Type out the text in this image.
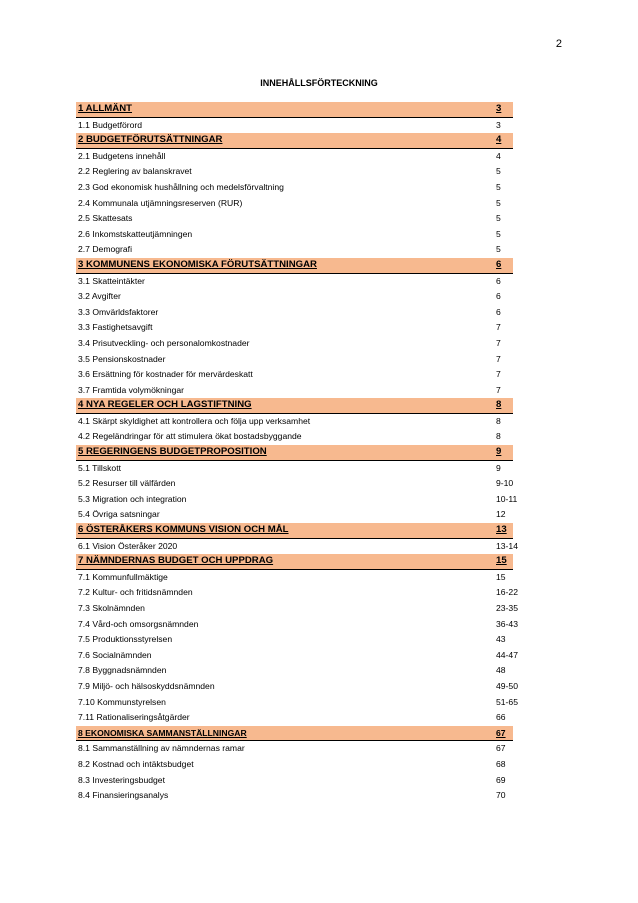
2
INNEHÅLLSFÖRTECKNING
1 ALLMÄNT	3
1.1 Budgetförord	3
2 BUDGETFÖRUTSÄTTNINGAR	4
2.1 Budgetens innehåll	4
2.2 Reglering av balanskravet	5
2.3 God ekonomisk hushållning och medelsförvaltning	5
2.4 Kommunala utjämningsreserven (RUR)	5
2.5 Skattesats	5
2.6 Inkomstskatteutjämningen	5
2.7 Demografi	5
3 KOMMUNENS EKONOMISKA FÖRUTSÄTTNINGAR	6
3.1 Skatteintäkter	6
3.2 Avgifter	6
3.3 Omvärldsfaktorer	6
3.3 Fastighetsavgift	7
3.4 Prisutveckling- och personalomkostnader	7
3.5 Pensionskostnader	7
3.6 Ersättning för kostnader för mervärdeskatt	7
3.7 Framtida volymökningar	7
4 NYA REGELER OCH LAGSTIFTNING	8
4.1 Skärpt skyldighet att kontrollera och följa upp verksamhet	8
4.2 Regeländringar för att stimulera ökat bostadsbyggande	8
5 REGERINGENS BUDGETPROPOSITION	9
5.1 Tillskott	9
5.2 Resurser till välfärden	9-10
5.3 Migration och integration	10-11
5.4 Övriga satsningar	12
6 ÖSTERÅKERS KOMMUNS VISION OCH MÅL	13
6.1 Vision Österåker 2020	13-14
7 NÄMNDERNAS BUDGET OCH UPPDRAG	15
7.1 Kommunfullmäktige	15
7.2 Kultur- och fritidsnämnden	16-22
7.3 Skolnämnden	23-35
7.4 Vård-och omsorgsnämnden	36-43
7.5 Produktionsstyrelsen	43
7.6 Socialnämnden	44-47
7.8 Byggnadsnämnden	48
7.9 Miljö- och hälsoskyddsnämnden	49-50
7.10 Kommunstyrelsen	51-65
7.11 Rationaliseringsåtgärder	66
8 EKONOMISKA SAMMANSTÄLLNINGAR	67
8.1 Sammanställning av nämndernas ramar	67
8.2 Kostnad och intäktsbudget	68
8.3 Investeringsbudget	69
8.4 Finansieringsanalys	70
